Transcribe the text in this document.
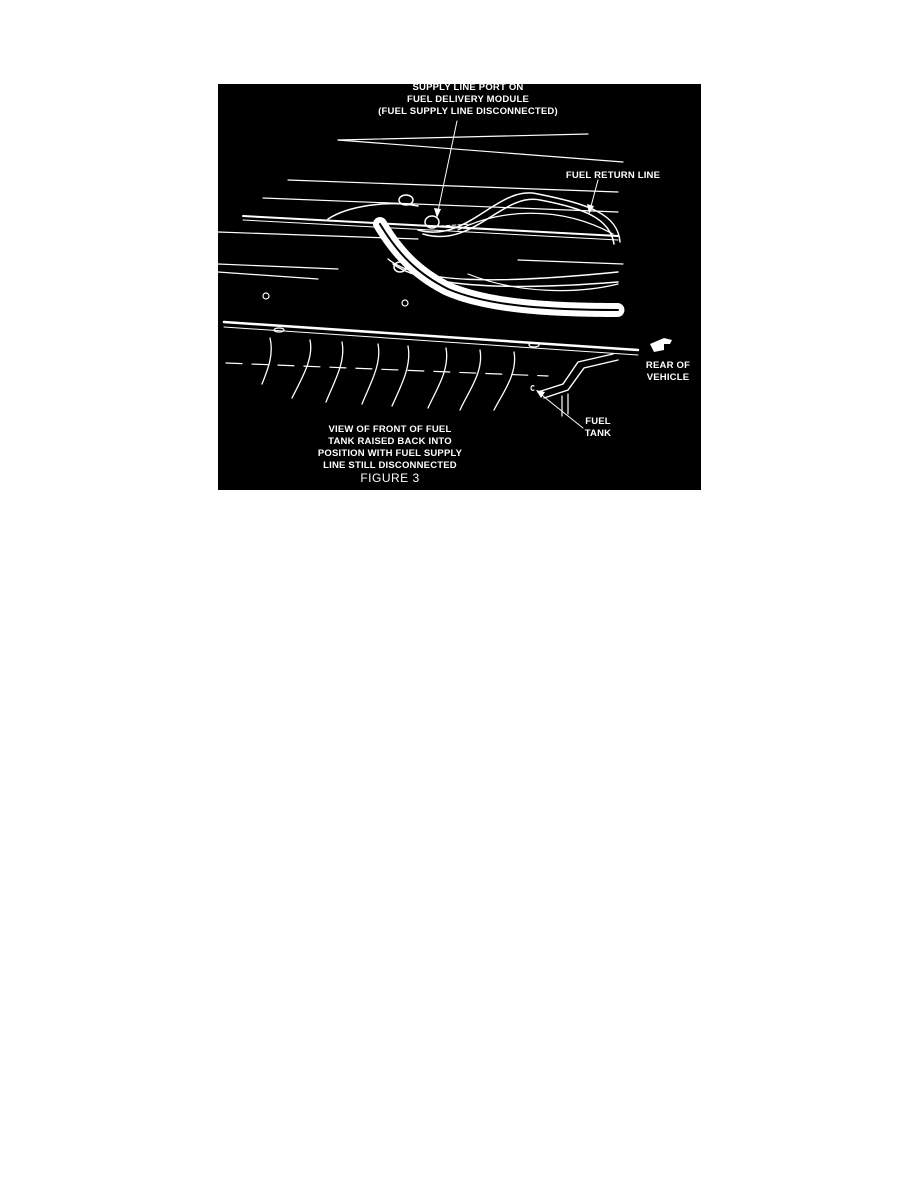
SUPPLY LINE PORT ON
FUEL DELIVERY MODULE
(FUEL SUPPLY LINE DISCONNECTED)
FUEL RETURN LINE
REAR OF
VEHICLE
FUEL
TANK
VIEW OF FRONT OF FUEL
TANK RAISED BACK INTO
POSITION WITH FUEL SUPPLY
LINE STILL DISCONNECTED
FIGURE 3
